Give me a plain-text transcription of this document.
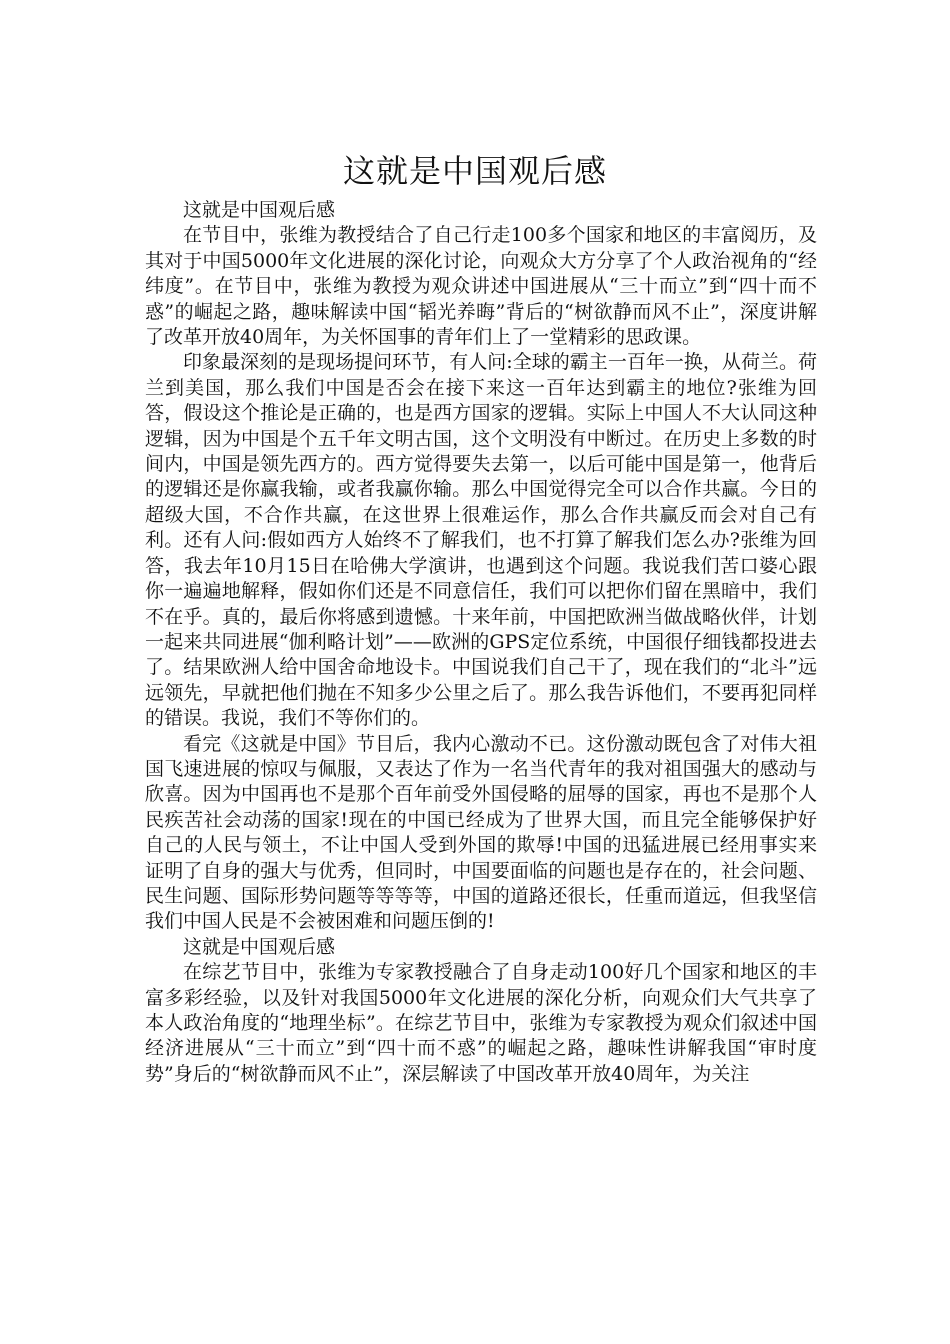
这就是中国观后感

这就是中国观后感

在节目中，张维为教授结合了自己行走100多个国家和地区的丰富阅历，及其对于中国5000年文化进展的深化讨论，向观众大方分享了个人政治视角的“经纬度”。在节目中，张维为教授为观众讲述中国进展从“三十而立”到“四十而不惑”的崛起之路，趣味解读中国“韬光养晦”背后的“树欲静而风不止”，深度讲解了改革开放40周年，为关怀国事的青年们上了一堂精彩的思政课。

印象最深刻的是现场提问环节，有人问:全球的霸主一百年一换，从荷兰。荷兰到美国，那么我们中国是否会在接下来这一百年达到霸主的地位?张维为回答，假设这个推论是正确的，也是西方国家的逻辑。实际上中国人不大认同这种逻辑，因为中国是个五千年文明古国，这个文明没有中断过。在历史上多数的时间内，中国是领先西方的。西方觉得要失去第一，以后可能中国是第一，他背后的逻辑还是你赢我输，或者我赢你输。那么中国觉得完全可以合作共赢。今日的超级大国，不合作共赢，在这世界上很难运作，那么合作共赢反而会对自己有利。还有人问:假如西方人始终不了解我们，也不打算了解我们怎么办?张维为回答，我去年10月15日在哈佛大学演讲，也遇到这个问题。我说我们苦口婆心跟你一遍遍地解释，假如你们还是不同意信任，我们可以把你们留在黑暗中，我们不在乎。真的，最后你将感到遗憾。十来年前，中国把欧洲当做战略伙伴，计划一起来共同进展“伽利略计划”——欧洲的GPS定位系统，中国很仔细钱都投进去了。结果欧洲人给中国舍命地设卡。中国说我们自己干了，现在我们的“北斗”远远领先，早就把他们抛在不知多少公里之后了。那么我告诉他们，不要再犯同样的错误。我说，我们不等你们的。

看完《这就是中国》节目后，我内心激动不已。这份激动既包含了对伟大祖国飞速进展的惊叹与佩服，又表达了作为一名当代青年的我对祖国强大的感动与欣喜。因为中国再也不是那个百年前受外国侵略的屈辱的国家，再也不是那个人民疾苦社会动荡的国家!现在的中国已经成为了世界大国，而且完全能够保护好自己的人民与领土，不让中国人受到外国的欺辱!中国的迅猛进展已经用事实来证明了自身的强大与优秀，但同时，中国要面临的问题也是存在的，社会问题、民生问题、国际形势问题等等等等，中国的道路还很长，任重而道远，但我坚信我们中国人民是不会被困难和问题压倒的!

这就是中国观后感

在综艺节目中，张维为专家教授融合了自身走动100好几个国家和地区的丰富多彩经验，以及针对我国5000年文化进展的深化分析，向观众们大气共享了本人政治角度的“地理坐标”。在综艺节目中，张维为专家教授为观众们叙述中国经济进展从“三十而立”到“四十而不惑”的崛起之路，趣味性讲解我国“审时度势”身后的“树欲静而风不止”，深层解读了中国改革开放40周年，为关注
